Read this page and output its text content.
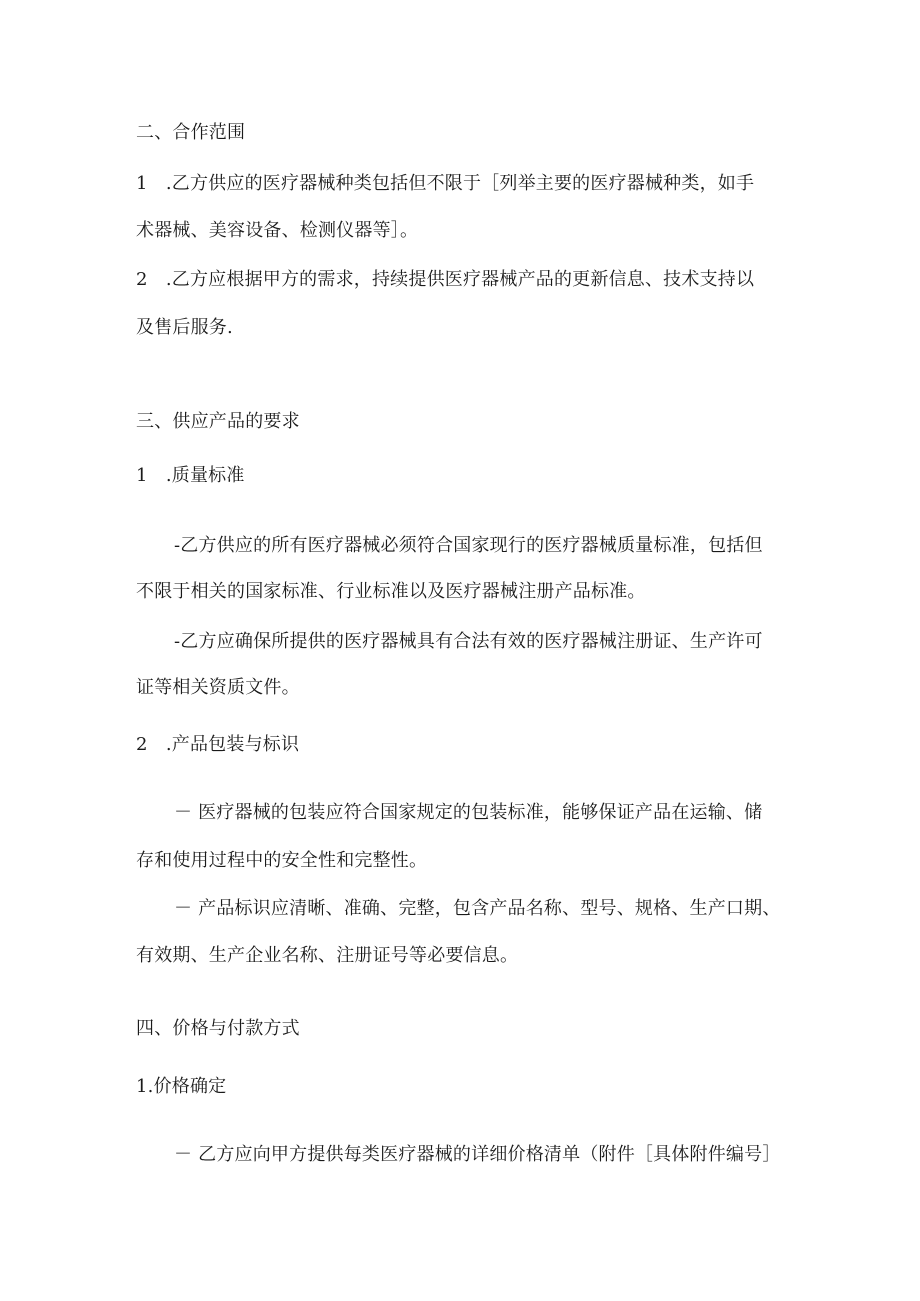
二、合作范围
1　.乙方供应的医疗器械种类包括但不限于［列举主要的医疗器械种类，如手
术器械、美容设备、检测仪器等］。
2　.乙方应根据甲方的需求，持续提供医疗器械产品的更新信息、技术支持以
及售后服务.
三、供应产品的要求
1　.质量标准
-乙方供应的所有医疗器械必须符合国家现行的医疗器械质量标准，包括但
不限于相关的国家标准、行业标准以及医疗器械注册产品标准。
-乙方应确保所提供的医疗器械具有合法有效的医疗器械注册证、生产许可
证等相关资质文件。
2　.产品包装与标识
－ 医疗器械的包装应符合国家规定的包装标准，能够保证产品在运输、储
存和使用过程中的安全性和完整性。
－ 产品标识应清晰、准确、完整，包含产品名称、型号、规格、生产口期、
有效期、生产企业名称、注册证号等必要信息。
四、价格与付款方式
1.价格确定
－ 乙方应向甲方提供每类医疗器械的详细价格清单（附件［具体附件编号］
